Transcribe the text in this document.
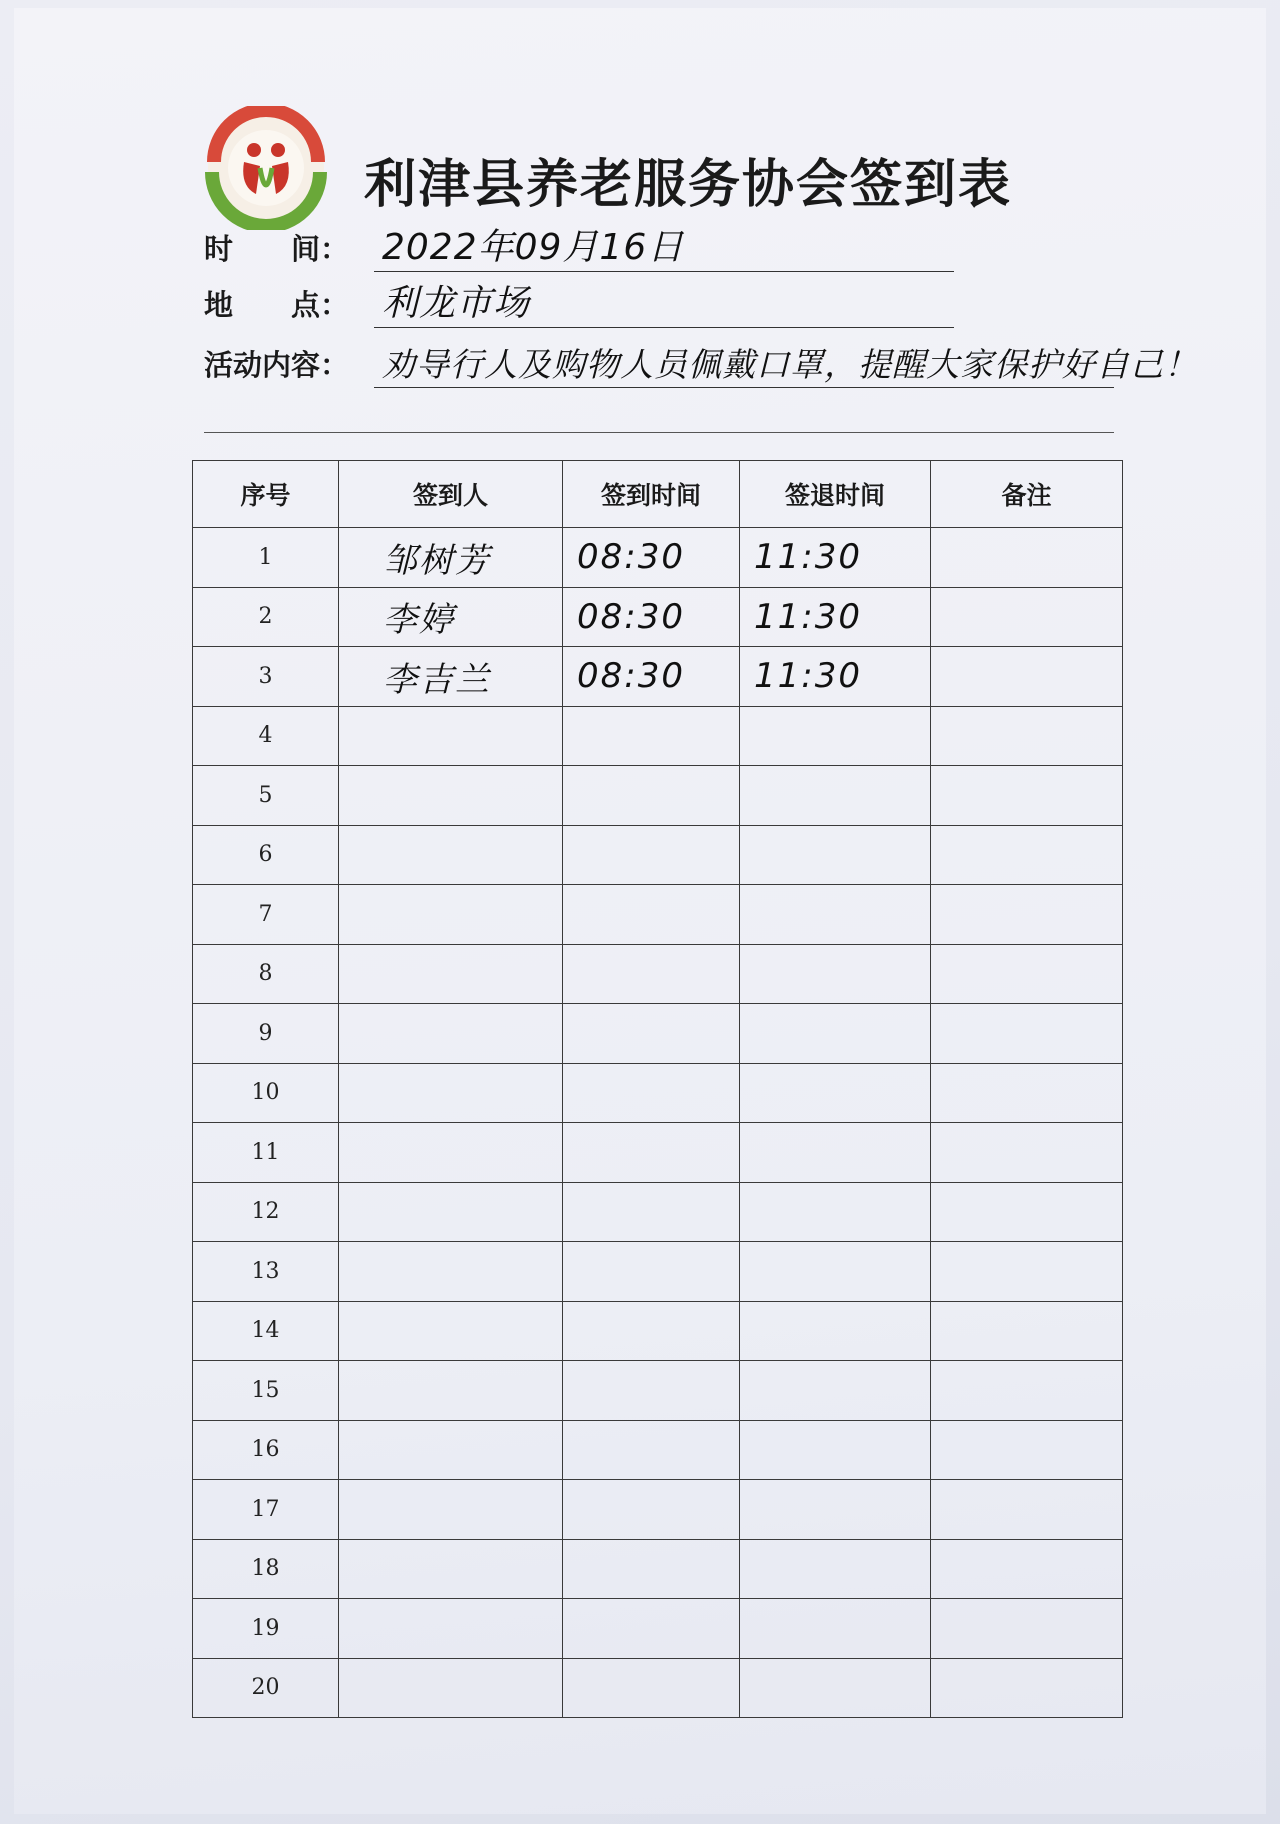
利津县养老服务协会签到表
时　　间： 2022年09月16日
地　　点： 利龙市场
活动内容： 劝导行人及购物人员佩戴口罩，提醒大家保护好自己！
序号	签到人	签到时间	签退时间	备注
1	邹树芳	08:30	11:30	
2	李婷	08:30	11:30	
3	李吉兰	08:30	11:30	
4				
5				
6				
7				
8				
9				
10				
11				
12				
13				
14				
15				
16				
17				
18				
19				
20				
